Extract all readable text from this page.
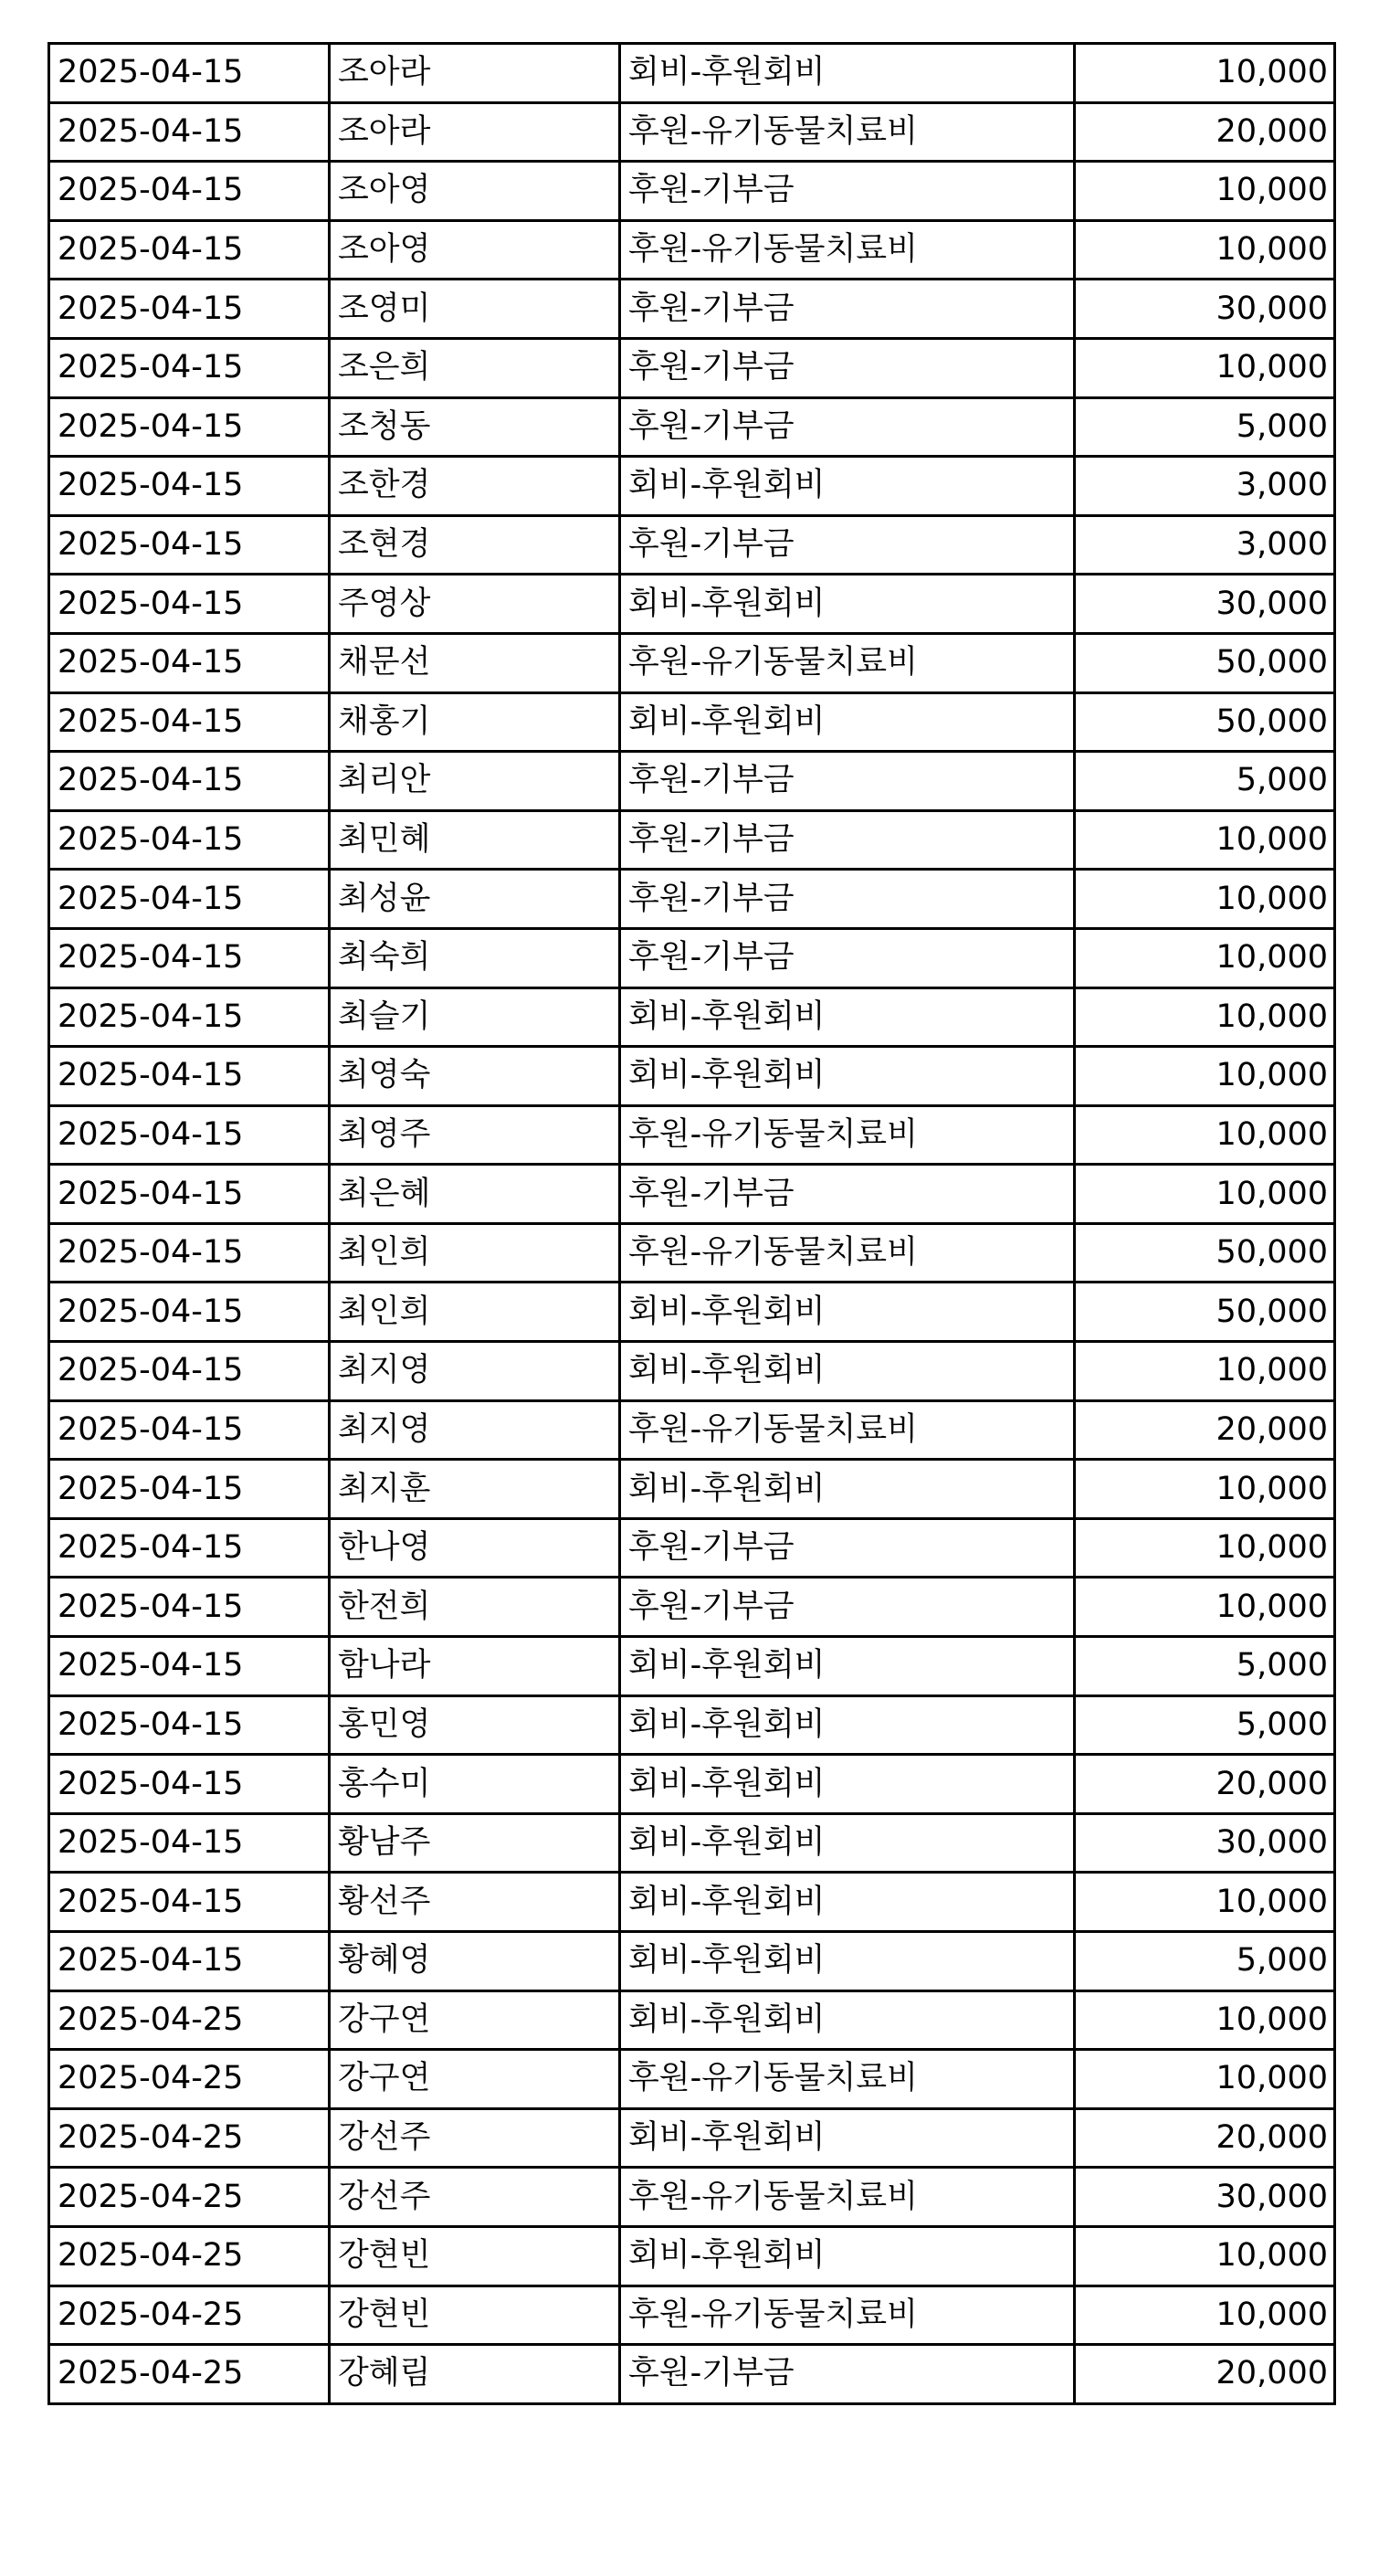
2025-04-15	조아라	회비-후원회비	10,000
2025-04-15	조아라	후원-유기동물치료비	20,000
2025-04-15	조아영	후원-기부금	10,000
2025-04-15	조아영	후원-유기동물치료비	10,000
2025-04-15	조영미	후원-기부금	30,000
2025-04-15	조은희	후원-기부금	10,000
2025-04-15	조청동	후원-기부금	5,000
2025-04-15	조한경	회비-후원회비	3,000
2025-04-15	조현경	후원-기부금	3,000
2025-04-15	주영상	회비-후원회비	30,000
2025-04-15	채문선	후원-유기동물치료비	50,000
2025-04-15	채홍기	회비-후원회비	50,000
2025-04-15	최리안	후원-기부금	5,000
2025-04-15	최민혜	후원-기부금	10,000
2025-04-15	최성윤	후원-기부금	10,000
2025-04-15	최숙희	후원-기부금	10,000
2025-04-15	최슬기	회비-후원회비	10,000
2025-04-15	최영숙	회비-후원회비	10,000
2025-04-15	최영주	후원-유기동물치료비	10,000
2025-04-15	최은혜	후원-기부금	10,000
2025-04-15	최인희	후원-유기동물치료비	50,000
2025-04-15	최인희	회비-후원회비	50,000
2025-04-15	최지영	회비-후원회비	10,000
2025-04-15	최지영	후원-유기동물치료비	20,000
2025-04-15	최지훈	회비-후원회비	10,000
2025-04-15	한나영	후원-기부금	10,000
2025-04-15	한전희	후원-기부금	10,000
2025-04-15	함나라	회비-후원회비	5,000
2025-04-15	홍민영	회비-후원회비	5,000
2025-04-15	홍수미	회비-후원회비	20,000
2025-04-15	황남주	회비-후원회비	30,000
2025-04-15	황선주	회비-후원회비	10,000
2025-04-15	황혜영	회비-후원회비	5,000
2025-04-25	강구연	회비-후원회비	10,000
2025-04-25	강구연	후원-유기동물치료비	10,000
2025-04-25	강선주	회비-후원회비	20,000
2025-04-25	강선주	후원-유기동물치료비	30,000
2025-04-25	강현빈	회비-후원회비	10,000
2025-04-25	강현빈	후원-유기동물치료비	10,000
2025-04-25	강혜림	후원-기부금	20,000
